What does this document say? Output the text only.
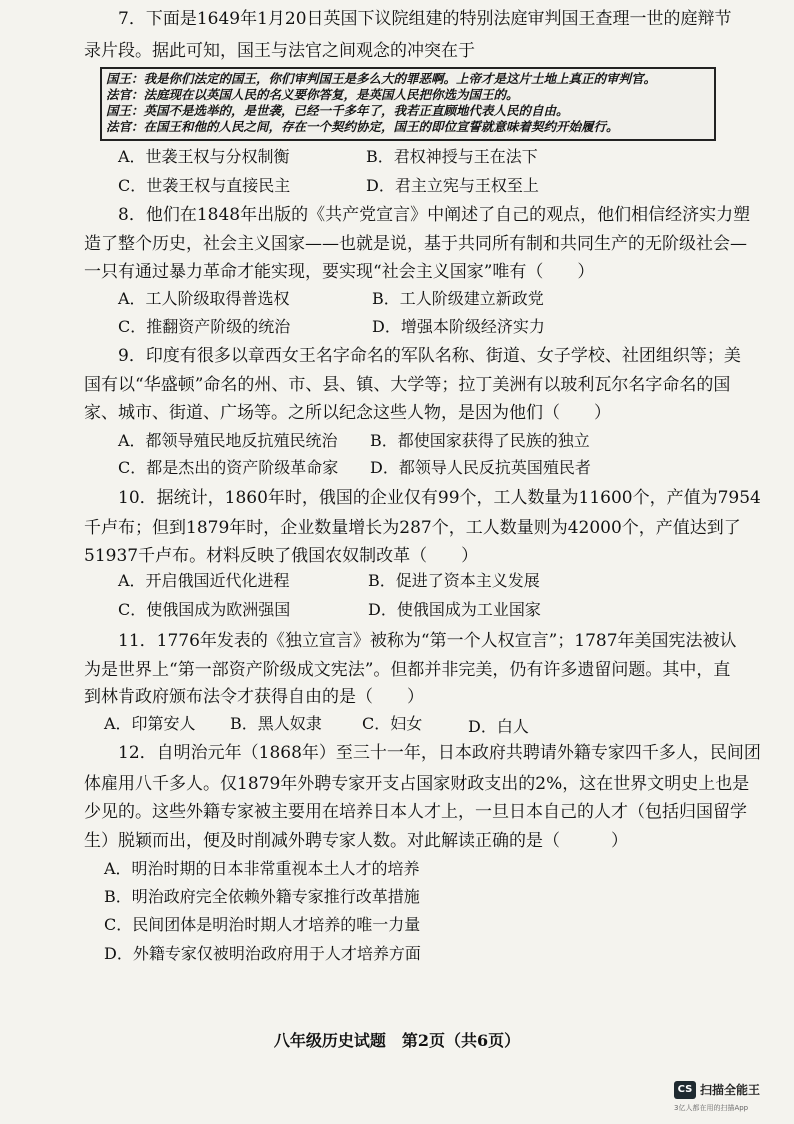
7．下面是1649年1月20日英国下议院组建的特别法庭审判国王查理一世的庭辩节
录片段。据此可知，国王与法官之间观念的冲突在于
国王：我是你们法定的国王，你们审判国王是多么大的罪恶啊。上帝才是这片土地上真正的审判官。
法官：法庭现在以英国人民的名义要你答复，是英国人民把你选为国王的。
国王：英国不是选举的，是世袭，已经一千多年了，我若正直顾地代表人民的自由。
法官：在国王和他的人民之间，存在一个契约协定，国王的即位宣誓就意味着契约开始履行。
A．世袭王权与分权制衡	B．君权神授与王在法下
C．世袭王权与直接民主	D．君主立宪与王权至上
8．他们在1848年出版的《共产党宣言》中阐述了自己的观点，他们相信经济实力塑
造了整个历史，社会主义国家——也就是说，基于共同所有制和共同生产的无阶级社会—
一只有通过暴力革命才能实现，要实现“社会主义国家”唯有（　　）
A．工人阶级取得普选权	B．工人阶级建立新政党
C．推翻资产阶级的统治	D．增强本阶级经济实力
9．印度有很多以章西女王名字命名的军队名称、街道、女子学校、社团组织等；美
国有以“华盛顿”命名的州、市、县、镇、大学等；拉丁美洲有以玻利瓦尔名字命名的国
家、城市、街道、广场等。之所以纪念这些人物，是因为他们（　　）
A．都领导殖民地反抗殖民统治 B．都使国家获得了民族的独立
C．都是杰出的资产阶级革命家 D．都领导人民反抗英国殖民者
10．据统计，1860年时，俄国的企业仅有99个，工人数量为11600个，产值为7954
千卢布；但到1879年时，企业数量增长为287个，工人数量则为42000个，产值达到了
51937千卢布。材料反映了俄国农奴制改革（　　）
A．开启俄国近代化进程	B．促进了资本主义发展
C．使俄国成为欧洲强国	D．使俄国成为工业国家
11．1776年发表的《独立宣言》被称为“第一个人权宣言”；1787年美国宪法被认
为是世界上“第一部资产阶级成文宪法”。但都并非完美，仍有许多遗留问题。其中，直
到林肯政府颁布法令才获得自由的是（　　）
A．印第安人 B．黑人奴隶	C．妇女	D．白人
12．自明治元年（1868年）至三十一年，日本政府共聘请外籍专家四千多人，民间团
体雇用八千多人。仅1879年外聘专家开支占国家财政支出的2%，这在世界文明史上也是
少见的。这些外籍专家被主要用在培养日本人才上，一旦日本自己的人才（包括归国留学
生）脱颖而出，便及时削减外聘专家人数。对此解读正确的是（　　　）
A．明治时期的日本非常重视本土人才的培养
B．明治政府完全依赖外籍专家推行改革措施
C．民间团体是明治时期人才培养的唯一力量
D．外籍专家仅被明治政府用于人才培养方面
八年级历史试题　第2页（共6页）
CS 扫描全能王
3亿人都在用的扫描App
